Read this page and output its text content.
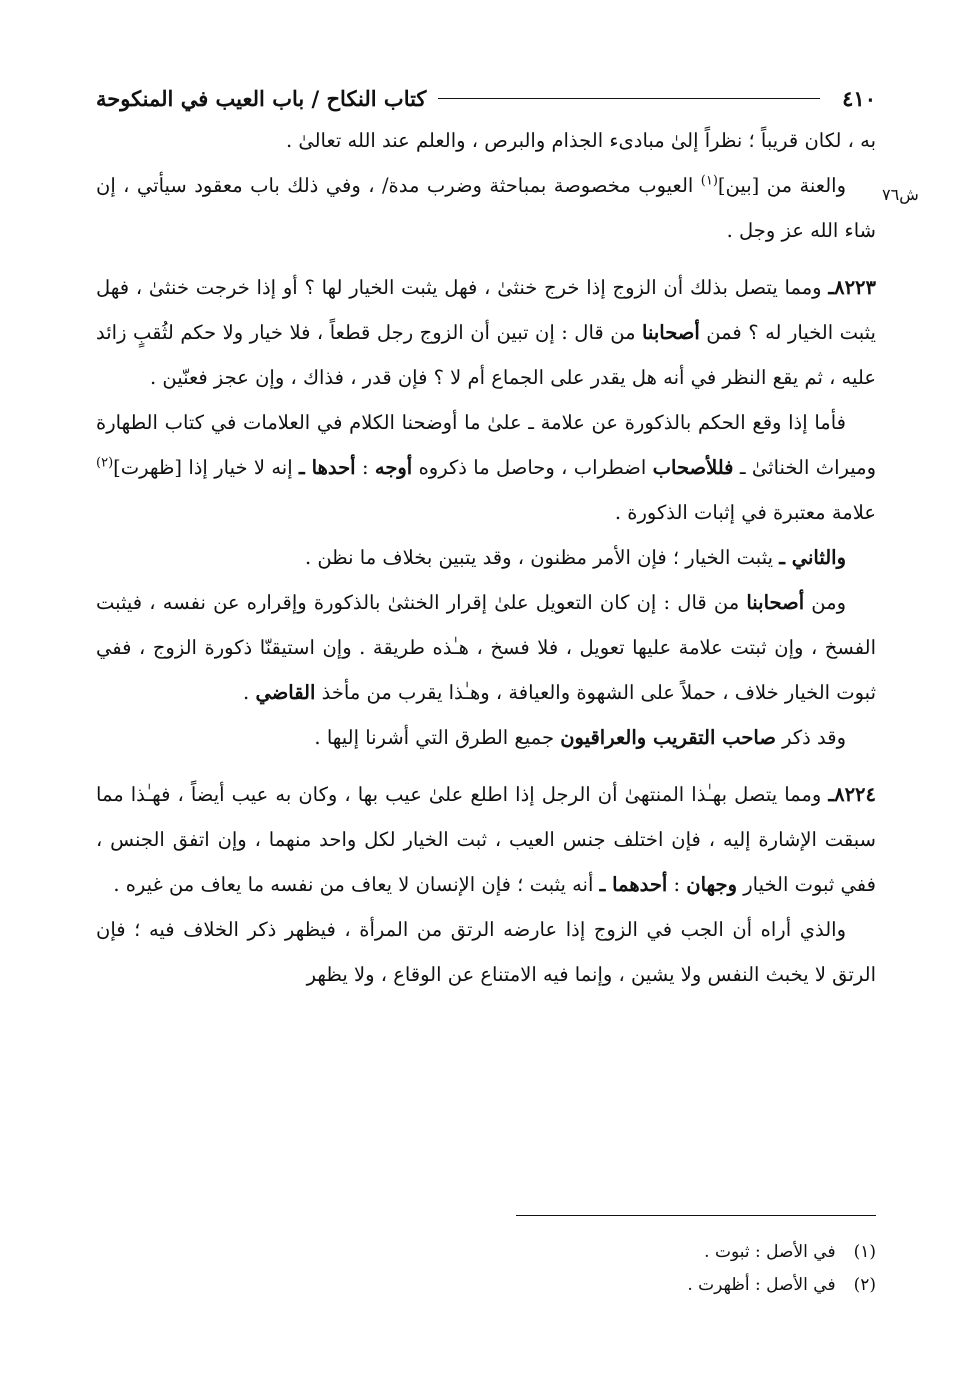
٤١٠
كتاب النكاح / باب العيب في المنكوحة

به ، لكان قريباً ؛ نظراً إلىٰ مبادىء الجذام والبرص ، والعلم عند الله تعالىٰ .

والعنة من [بين]$^{(١)}$ العيوب مخصوصة بمباحثة وضرب مدة/ ، وفي ذلك باب معقود سيأتي ، إن شاء الله عز وجل .

٨٢٢٣ـ ومما يتصل بذلك أن الزوج إذا خرج خنثىٰ ، فهل يثبت الخيار لها ؟ أو إذا خرجت خنثىٰ ، فهل يثبت الخيار له ؟ فمن أصحابنا من قال : إن تبين أن الزوج رجل قطعاً ، فلا خيار ولا حكم لثُقبٍ زائد عليه ، ثم يقع النظر في أنه هل يقدر على الجماع أم لا ؟ فإن قدر ، فذاك ، وإن عجز فعنّين .

فأما إذا وقع الحكم بالذكورة عن علامة ـ علىٰ ما أوضحنا الكلام في العلامات في كتاب الطهارة وميراث الخناثىٰ ـ فللأصحاب اضطراب ، وحاصل ما ذكروه أوجه : أحدها ـ إنه لا خيار إذا [ظهرت]$^{(٢)}$ علامة معتبرة في إثبات الذكورة .

والثاني ـ يثبت الخيار ؛ فإن الأمر مظنون ، وقد يتبين بخلاف ما نظن .

ومن أصحابنا من قال : إن كان التعويل علىٰ إقرار الخنثىٰ بالذكورة وإقراره عن نفسه ، فيثبت الفسخ ، وإن ثبتت علامة عليها تعويل ، فلا فسخ ، هـٰذه طريقة . وإن استيقنّا ذكورة الزوج ، ففي ثبوت الخيار خلاف ، حملاً على الشهوة والعيافة ، وهـٰذا يقرب من مأخذ القاضي .

وقد ذكر صاحب التقريب والعراقيون جميع الطرق التي أشرنا إليها .

٨٢٢٤ـ ومما يتصل بهـٰذا المنتهىٰ أن الرجل إذا اطلع علىٰ عيب بها ، وكان به عيب أيضاً ، فهـٰذا مما سبقت الإشارة إليه ، فإن اختلف جنس العيب ، ثبت الخيار لكل واحد منهما ، وإن اتفق الجنس ، ففي ثبوت الخيار وجهان : أحدهما ـ أنه يثبت ؛ فإن الإنسان لا يعاف من نفسه ما يعاف من غيره .

والذي أراه أن الجب في الزوج إذا عارضه الرتق من المرأة ، فيظهر ذكر الخلاف فيه ؛ فإن الرتق لا يخبث النفس ولا يشين ، وإنما فيه الامتناع عن الوقاع ، ولا يظهر

ش٧٦
(١)في الأصل : ثبوت .
(٢)في الأصل : أظهرت .
